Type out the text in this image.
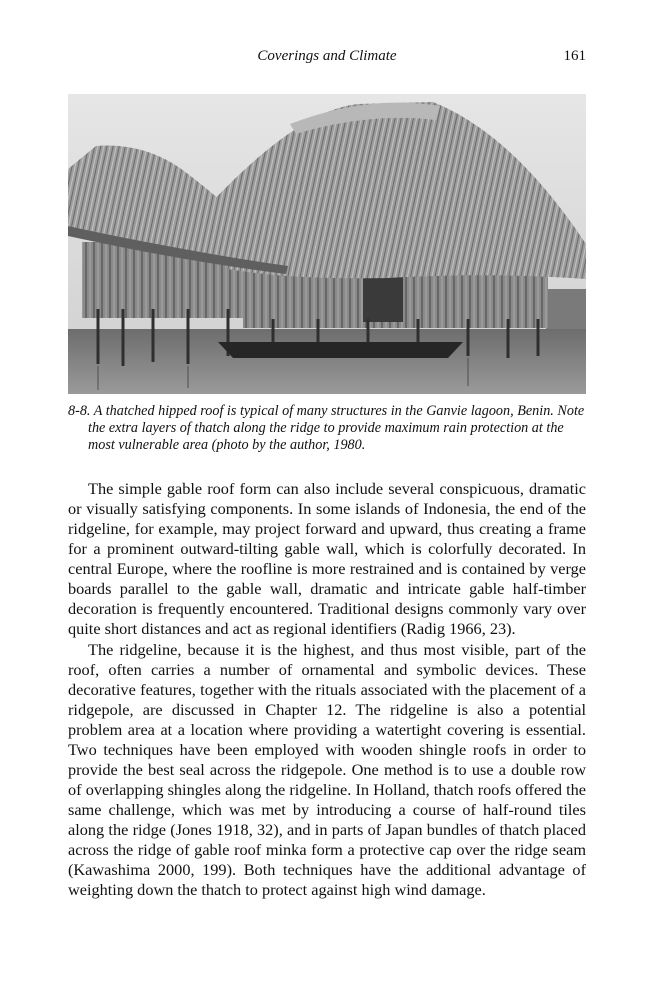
Coverings and Climate	161

8-8. A thatched hipped roof is typical of many structures in the Ganvie lagoon, Benin. Note the extra layers of thatch along the ridge to provide maximum rain protection at the most vulnerable area (photo by the author, 1980.

The simple gable roof form can also include several conspicuous, dramatic or visually satisfying components. In some islands of Indonesia, the end of the ridgeline, for example, may project forward and upward, thus creating a frame for a prominent outward-tilting gable wall, which is colorfully decorated. In central Europe, where the roofline is more restrained and is contained by verge boards parallel to the gable wall, dramatic and intricate gable half-timber decoration is frequently encountered. Traditional designs commonly vary over quite short distances and act as regional identifiers (Radig 1966, 23).

The ridgeline, because it is the highest, and thus most visible, part of the roof, often carries a number of ornamental and symbolic devices. These decorative features, together with the rituals associated with the placement of a ridgepole, are discussed in Chapter 12. The ridgeline is also a potential problem area at a location where providing a watertight covering is essential. Two techniques have been employed with wooden shingle roofs in order to provide the best seal across the ridgepole. One method is to use a double row of overlapping shingles along the ridgeline. In Holland, thatch roofs offered the same challenge, which was met by introducing a course of half-round tiles along the ridge (Jones 1918, 32), and in parts of Japan bundles of thatch placed across the ridge of gable roof minka form a protective cap over the ridge seam (Kawashima 2000, 199). Both techniques have the additional advantage of weighting down the thatch to protect against high wind damage.
